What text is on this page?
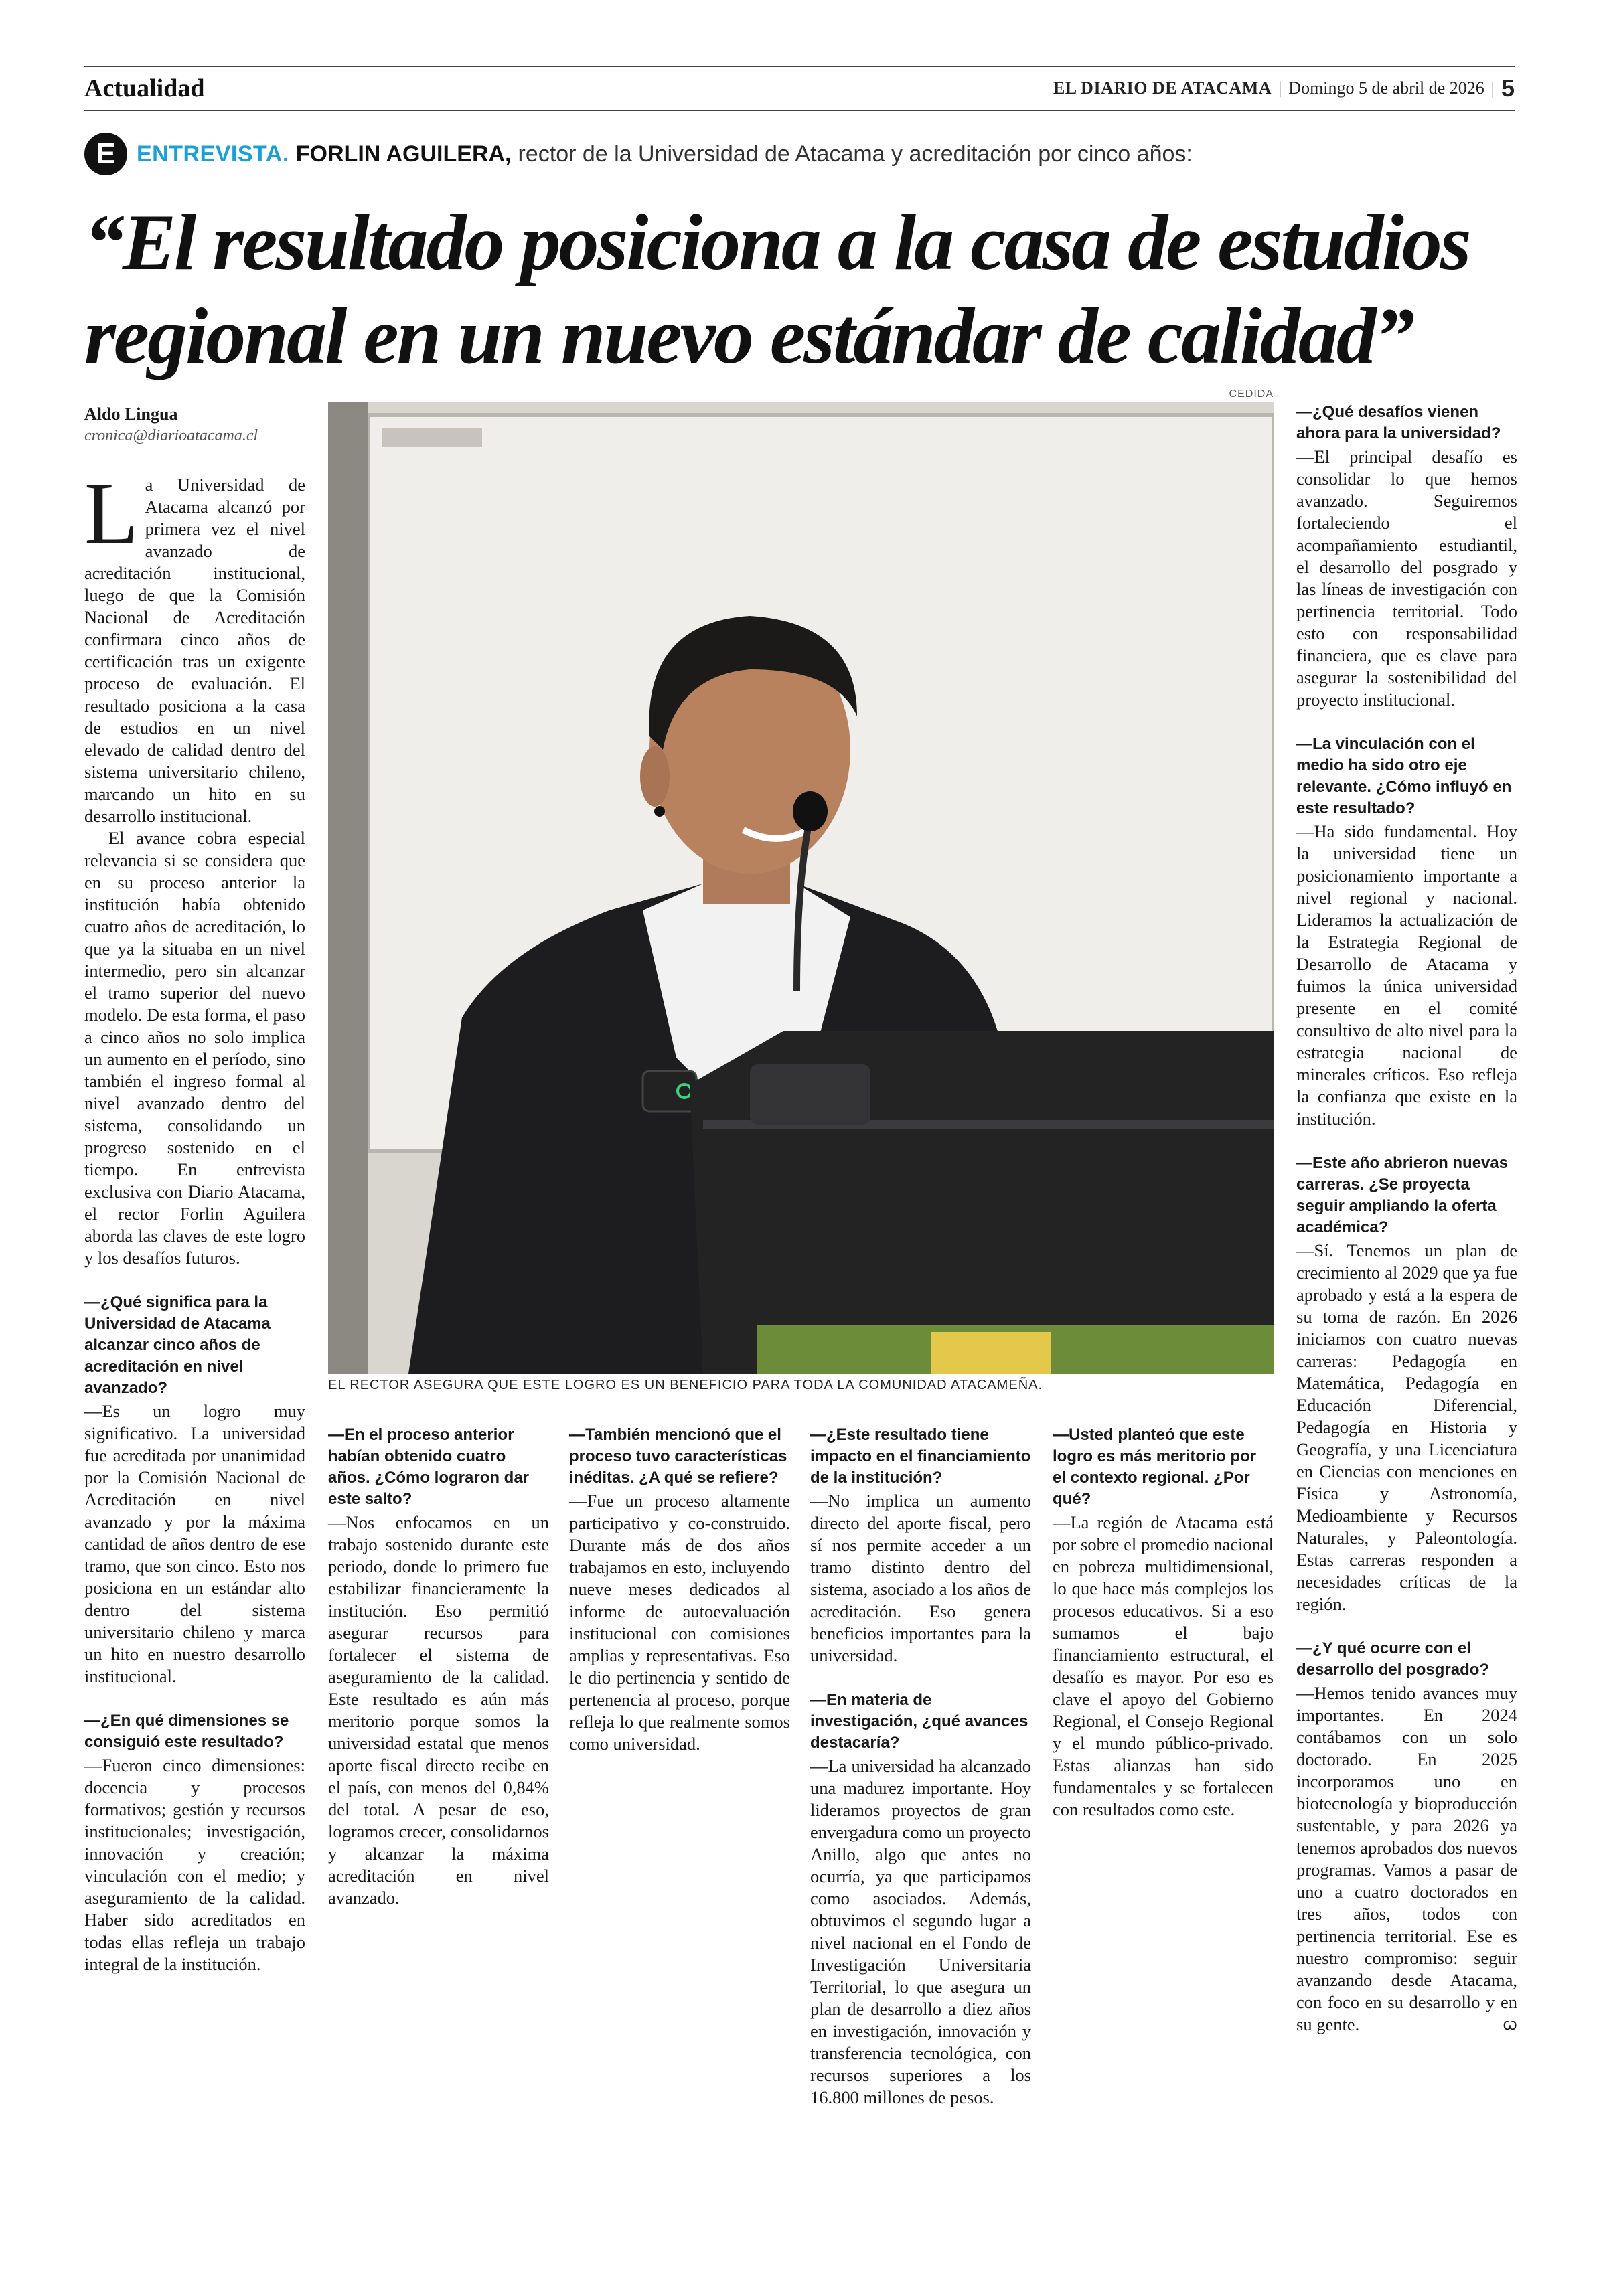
Actualidad	EL DIARIO DE ATACAMA | Domingo 5 de abril de 2026 | 5
E ENTREVISTA. FORLIN AGUILERA, rector de la Universidad de Atacama y acreditación por cinco años:
“El resultado posiciona a la casa de estudios regional en un nuevo estándar de calidad”
Aldo Lingua
cronica@diarioatacama.cl
CEDIDA
EL RECTOR ASEGURA QUE ESTE LOGRO ES UN BENEFICIO PARA TODA LA COMUNIDAD ATACAMEÑA.

La Universidad de Atacama alcanzó por primera vez el nivel avanzado de acreditación institucional, luego de que la Comisión Nacional de Acreditación confirmara cinco años de certificación tras un exigente proceso de evaluación. El resultado posiciona a la casa de estudios en un nivel elevado de calidad dentro del sistema universitario chileno, marcando un hito en su desarrollo institucional.

El avance cobra especial relevancia si se considera que en su proceso anterior la institución había obtenido cuatro años de acreditación, lo que ya la situaba en un nivel intermedio, pero sin alcanzar el tramo superior del nuevo modelo. De esta forma, el paso a cinco años no solo implica un aumento en el período, sino también el ingreso formal al nivel avanzado dentro del sistema, consolidando un progreso sostenido en el tiempo. En entrevista exclusiva con Diario Atacama, el rector Forlin Aguilera aborda las claves de este logro y los desafíos futuros.

—¿Qué significa para la Universidad de Atacama alcanzar cinco años de acreditación en nivel avanzado?

—Es un logro muy significativo. La universidad fue acreditada por unanimidad por la Comisión Nacional de Acreditación en nivel avanzado y por la máxima cantidad de años dentro de ese tramo, que son cinco. Esto nos posiciona en un estándar alto dentro del sistema universitario chileno y marca un hito en nuestro desarrollo institucional.

—¿En qué dimensiones se consiguió este resultado?

—Fueron cinco dimensiones: docencia y procesos formativos; gestión y recursos institucionales; investigación, innovación y creación; vinculación con el medio; y aseguramiento de la calidad. Haber sido acreditados en todas ellas refleja un trabajo integral de la institución.

—En el proceso anterior habían obtenido cuatro años. ¿Cómo lograron dar este salto?

—Nos enfocamos en un trabajo sostenido durante este periodo, donde lo primero fue estabilizar financieramente la institución. Eso permitió asegurar recursos para fortalecer el sistema de aseguramiento de la calidad. Este resultado es aún más meritorio porque somos la universidad estatal que menos aporte fiscal directo recibe en el país, con menos del 0,84% del total. A pesar de eso, logramos crecer, consolidarnos y alcanzar la máxima acreditación en nivel avanzado.

—También mencionó que el proceso tuvo características inéditas. ¿A qué se refiere?

—Fue un proceso altamente participativo y co-construido. Durante más de dos años trabajamos en esto, incluyendo nueve meses dedicados al informe de autoevaluación institucional con comisiones amplias y representativas. Eso le dio pertinencia y sentido de pertenencia al proceso, porque refleja lo que realmente somos como universidad.

—¿Este resultado tiene impacto en el financiamiento de la institución?

—No implica un aumento directo del aporte fiscal, pero sí nos permite acceder a un tramo distinto dentro del sistema, asociado a los años de acreditación. Eso genera beneficios importantes para la universidad.

—En materia de investigación, ¿qué avances destacaría?

—La universidad ha alcanzado una madurez importante. Hoy lideramos proyectos de gran envergadura como un proyecto Anillo, algo que antes no ocurría, ya que participamos como asociados. Además, obtuvimos el segundo lugar a nivel nacional en el Fondo de Investigación Universitaria Territorial, lo que asegura un plan de desarrollo a diez años en investigación, innovación y transferencia tecnológica, con recursos superiores a los 16.800 millones de pesos.

—Usted planteó que este logro es más meritorio por el contexto regional. ¿Por qué?

—La región de Atacama está por sobre el promedio nacional en pobreza multidimensional, lo que hace más complejos los procesos educativos. Si a eso sumamos el bajo financiamiento estructural, el desafío es mayor. Por eso es clave el apoyo del Gobierno Regional, el Consejo Regional y el mundo público-privado. Estas alianzas han sido fundamentales y se fortalecen con resultados como este.

—¿Qué desafíos vienen ahora para la universidad?

—El principal desafío es consolidar lo que hemos avanzado. Seguiremos fortaleciendo el acompañamiento estudiantil, el desarrollo del posgrado y las líneas de investigación con pertinencia territorial. Todo esto con responsabilidad financiera, que es clave para asegurar la sostenibilidad del proyecto institucional.

—La vinculación con el medio ha sido otro eje relevante. ¿Cómo influyó en este resultado?

—Ha sido fundamental. Hoy la universidad tiene un posicionamiento importante a nivel regional y nacional. Lideramos la actualización de la Estrategia Regional de Desarrollo de Atacama y fuimos la única universidad presente en el comité consultivo de alto nivel para la estrategia nacional de minerales críticos. Eso refleja la confianza que existe en la institución.

—Este año abrieron nuevas carreras. ¿Se proyecta seguir ampliando la oferta académica?

—Sí. Tenemos un plan de crecimiento al 2029 que ya fue aprobado y está a la espera de su toma de razón. En 2026 iniciamos con cuatro nuevas carreras: Pedagogía en Matemática, Pedagogía en Educación Diferencial, Pedagogía en Historia y Geografía, y una Licenciatura en Ciencias con menciones en Física y Astronomía, Medioambiente y Recursos Naturales, y Paleontología. Estas carreras responden a necesidades críticas de la región.

—¿Y qué ocurre con el desarrollo del posgrado?

—Hemos tenido avances muy importantes. En 2024 contábamos con un solo doctorado. En 2025 incorporamos uno en biotecnología y bioproducción sustentable, y para 2026 ya tenemos aprobados dos nuevos programas. Vamos a pasar de uno a cuatro doctorados en tres años, todos con pertinencia territorial. Ese es nuestro compromiso: seguir avanzando desde Atacama, con foco en su desarrollo y en su gente.	ꞷ
